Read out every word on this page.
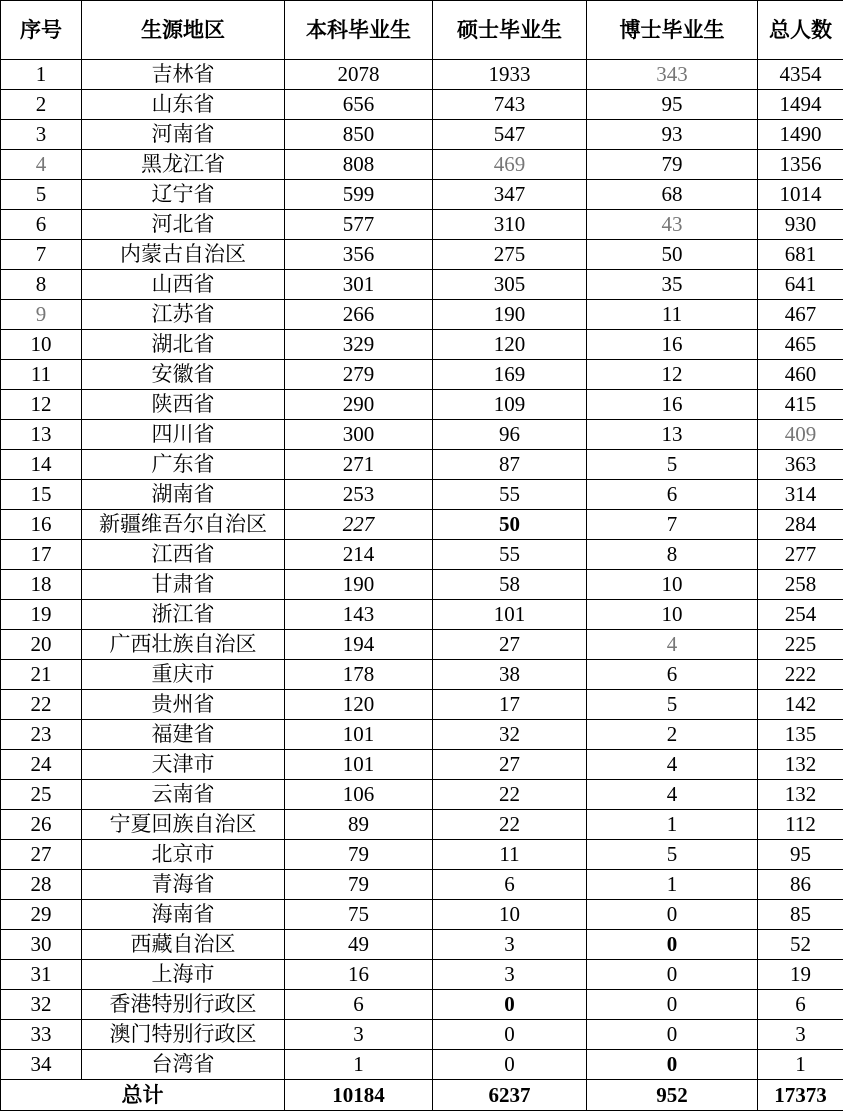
序号	生源地区	本科毕业生	硕士毕业生	博士毕业生	总人数
1	吉林省	2078	1933	343	4354
2	山东省	656	743	95	1494
3	河南省	850	547	93	1490
4	黑龙江省	808	469	79	1356
5	辽宁省	599	347	68	1014
6	河北省	577	310	43	930
7	内蒙古自治区	356	275	50	681
8	山西省	301	305	35	641
9	江苏省	266	190	11	467
10	湖北省	329	120	16	465
11	安徽省	279	169	12	460
12	陕西省	290	109	16	415
13	四川省	300	96	13	409
14	广东省	271	87	5	363
15	湖南省	253	55	6	314
16	新疆维吾尔自治区	227	50	7	284
17	江西省	214	55	8	277
18	甘肃省	190	58	10	258
19	浙江省	143	101	10	254
20	广西壮族自治区	194	27	4	225
21	重庆市	178	38	6	222
22	贵州省	120	17	5	142
23	福建省	101	32	2	135
24	天津市	101	27	4	132
25	云南省	106	22	4	132
26	宁夏回族自治区	89	22	1	112
27	北京市	79	11	5	95
28	青海省	79	6	1	86
29	海南省	75	10	0	85
30	西藏自治区	49	3	0	52
31	上海市	16	3	0	19
32	香港特别行政区	6	0	0	6
33	澳门特别行政区	3	0	0	3
34	台湾省	1	0	0	1
总计		10184	6237	952	17373
